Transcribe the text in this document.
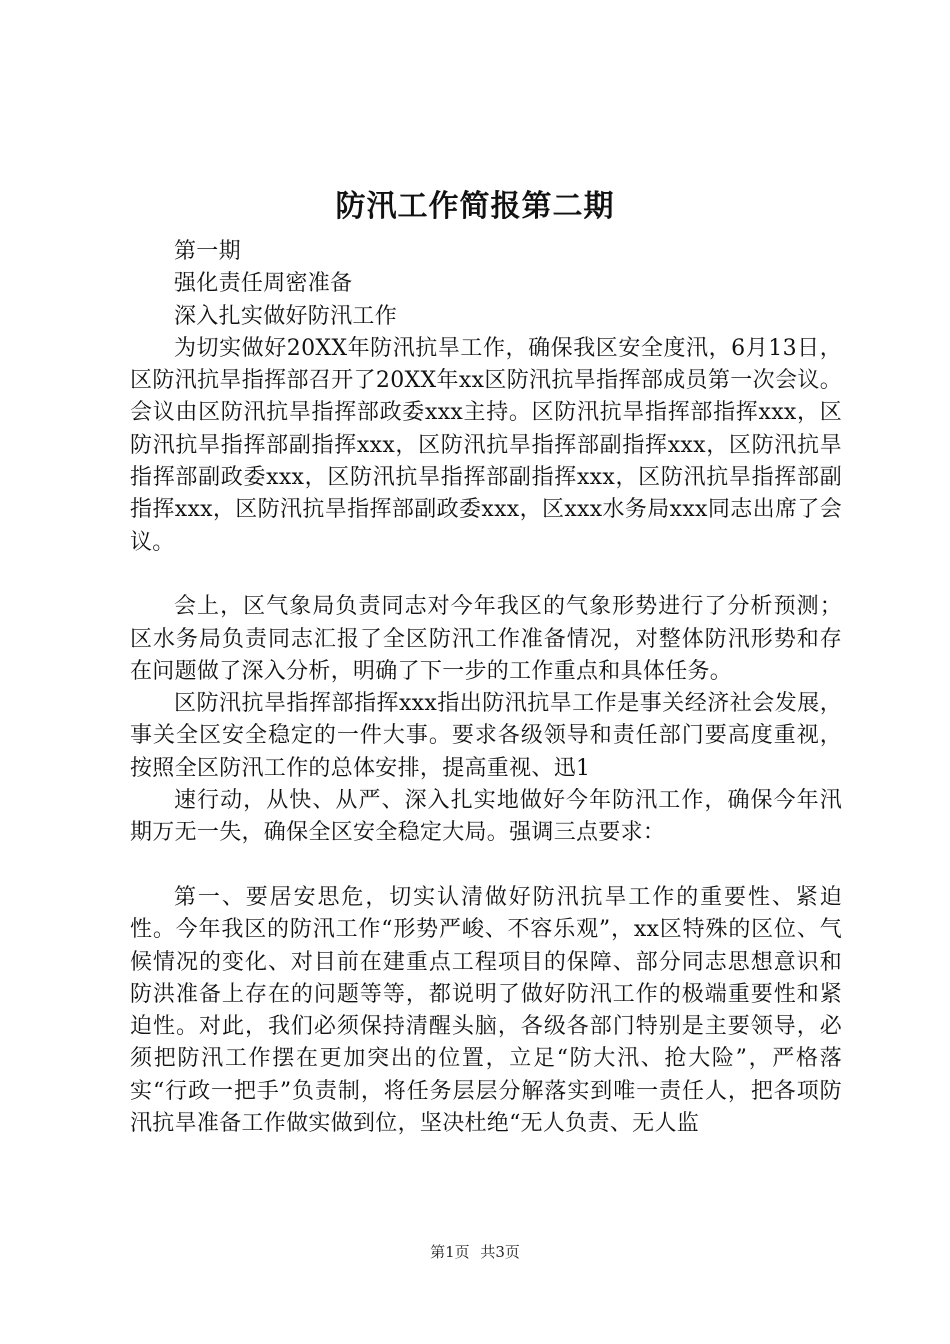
防汛工作简报第二期

第一期

强化责任周密准备

深入扎实做好防汛工作

为切实做好20XX年防汛抗旱工作，确保我区安全度汛，6月13日，区防汛抗旱指挥部召开了20XX年xx区防汛抗旱指挥部成员第一次会议。会议由区防汛抗旱指挥部政委xxx主持。区防汛抗旱指挥部指挥xxx，区防汛抗旱指挥部副指挥xxx，区防汛抗旱指挥部副指挥xxx，区防汛抗旱指挥部副政委xxx，区防汛抗旱指挥部副指挥xxx，区防汛抗旱指挥部副指挥xxx，区防汛抗旱指挥部副政委xxx，区xxx水务局xxx同志出席了会议。

会上，区气象局负责同志对今年我区的气象形势进行了分析预测；区水务局负责同志汇报了全区防汛工作准备情况，对整体防汛形势和存在问题做了深入分析，明确了下一步的工作重点和具体任务。

区防汛抗旱指挥部指挥xxx指出防汛抗旱工作是事关经济社会发展，事关全区安全稳定的一件大事。要求各级领导和责任部门要高度重视，按照全区防汛工作的总体安排，提高重视、迅1

速行动，从快、从严、深入扎实地做好今年防汛工作，确保今年汛期万无一失，确保全区安全稳定大局。强调三点要求：

第一、要居安思危，切实认清做好防汛抗旱工作的重要性、紧迫性。今年我区的防汛工作“形势严峻、不容乐观”，xx区特殊的区位、气候情况的变化、对目前在建重点工程项目的保障、部分同志思想意识和防洪准备上存在的问题等等，都说明了做好防汛工作的极端重要性和紧迫性。对此，我们必须保持清醒头脑，各级各部门特别是主要领导，必须把防汛工作摆在更加突出的位置，立足“防大汛、抢大险”，严格落实“行政一把手”负责制，将任务层层分解落实到唯一责任人，把各项防汛抗旱准备工作做实做到位，坚决杜绝“无人负责、无人监

第1页 共3页
